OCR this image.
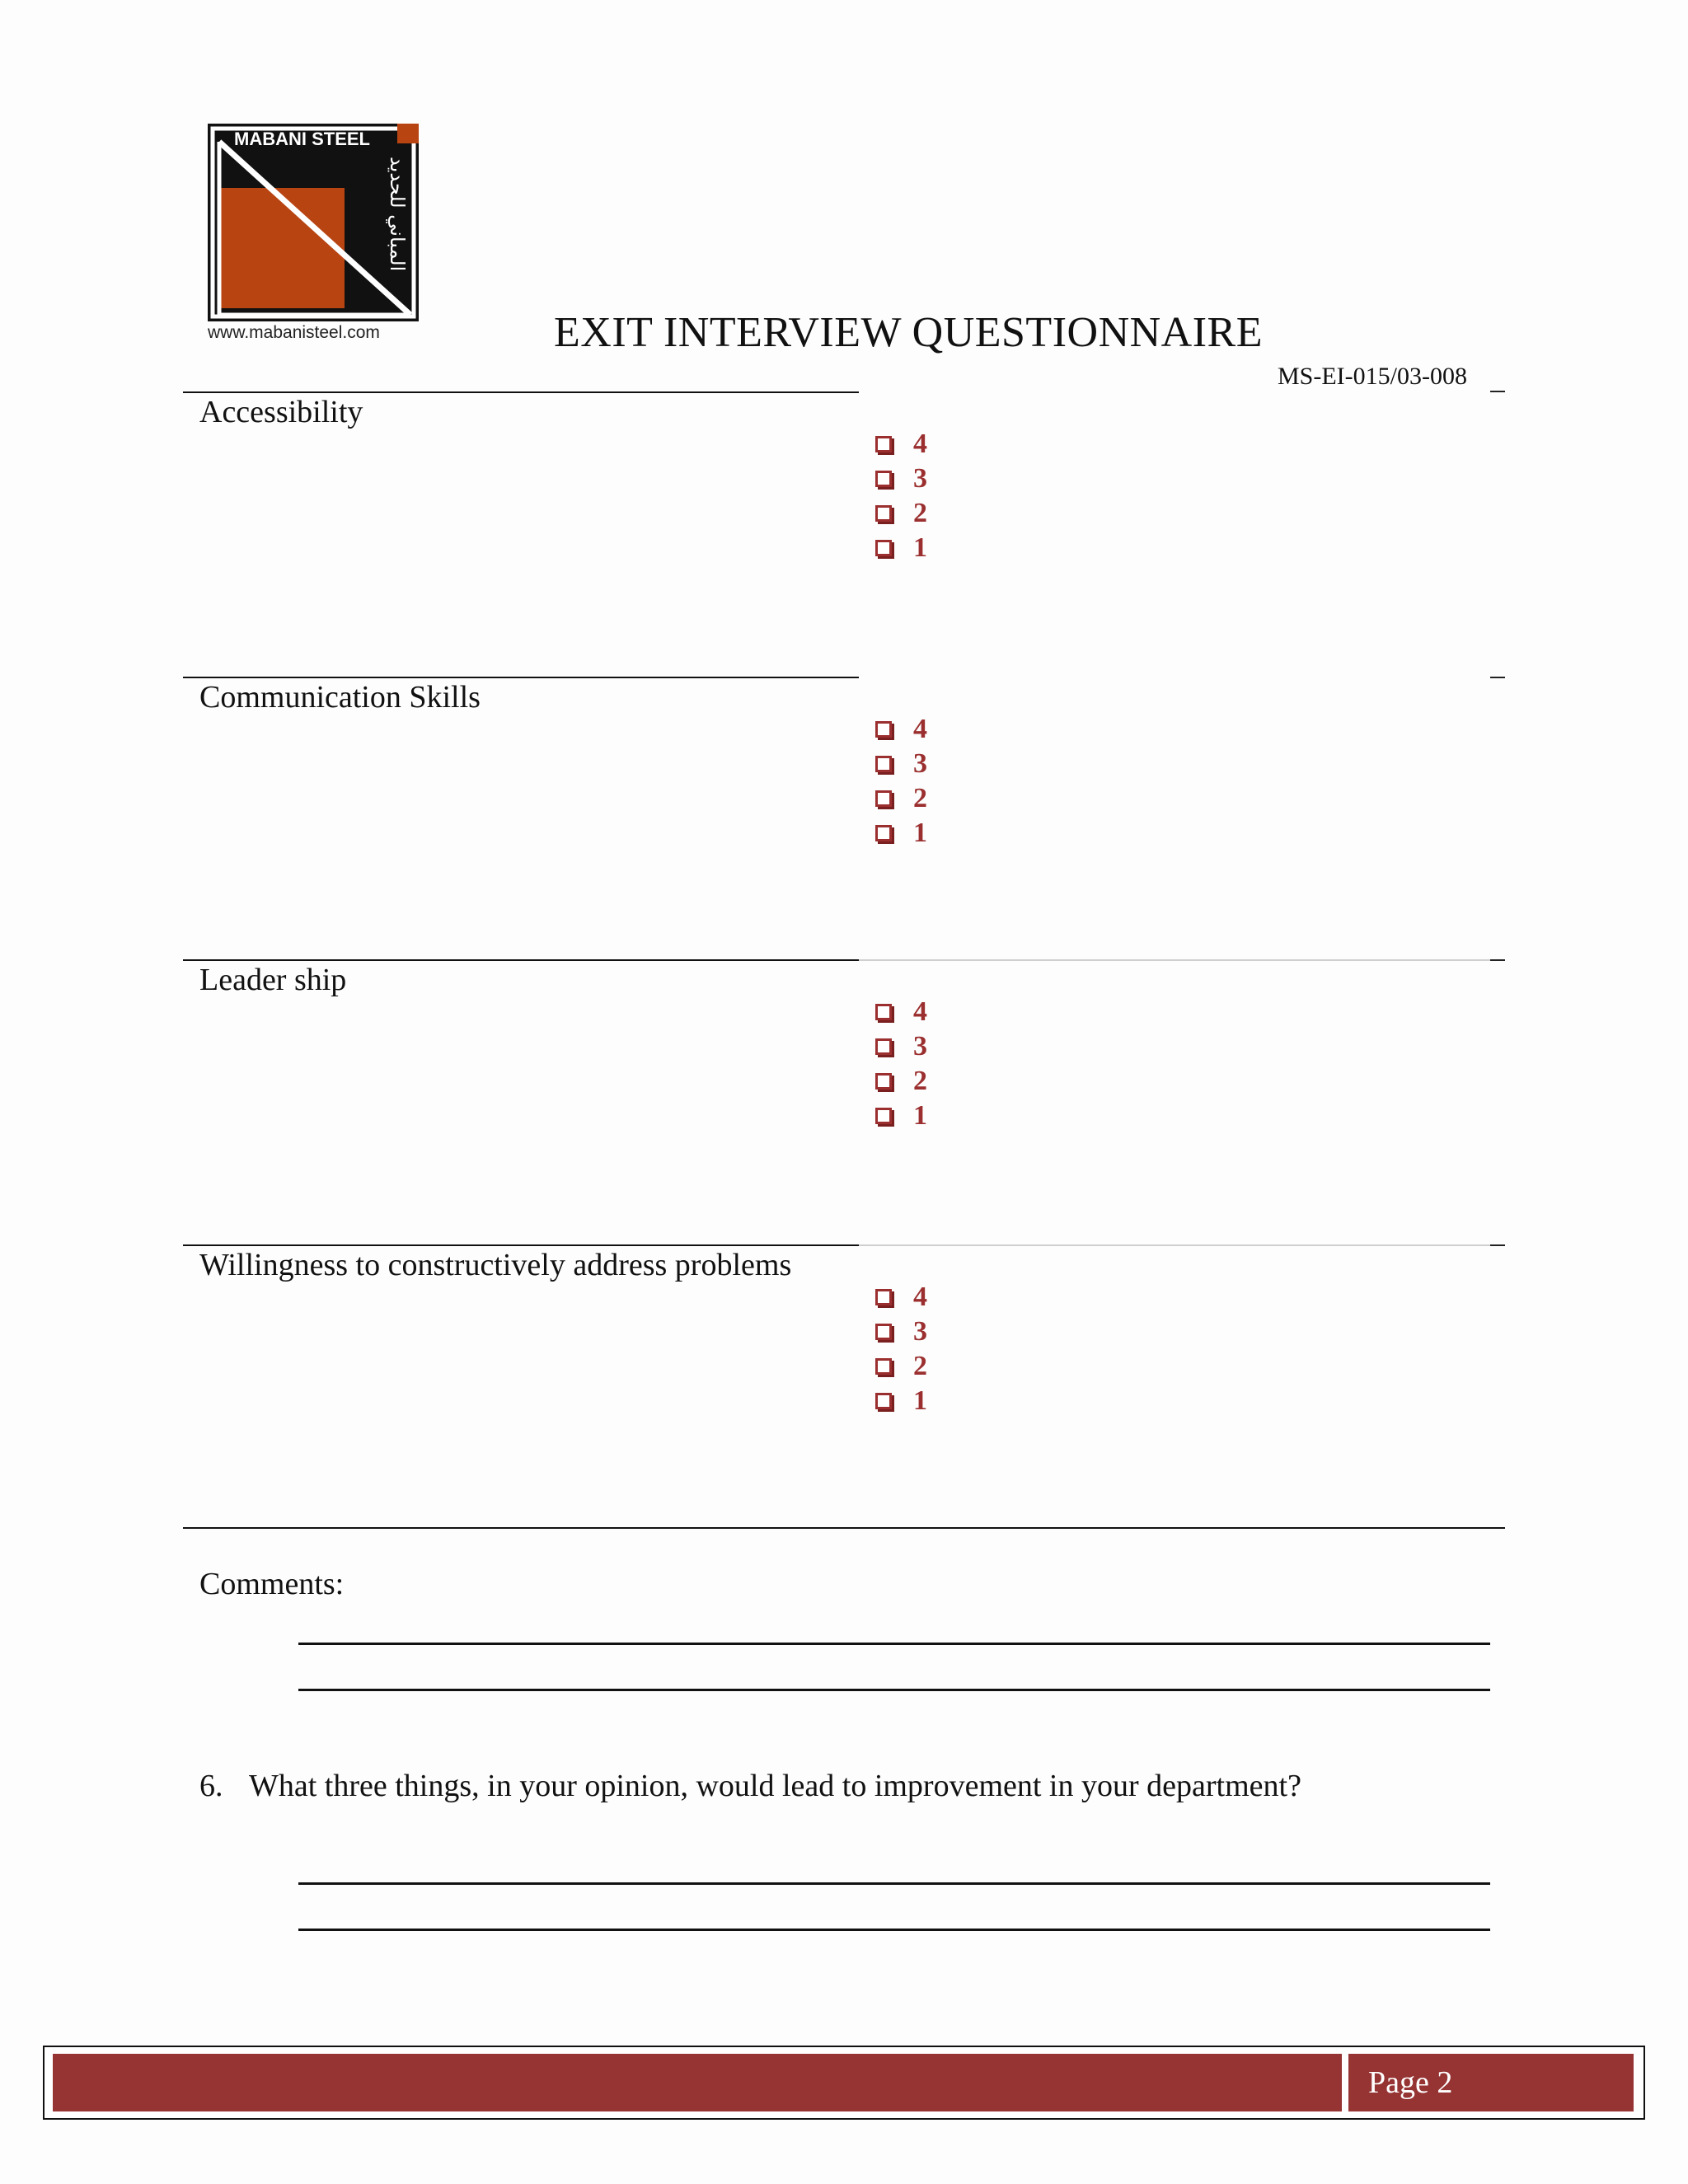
المباني للحديد
MABANI STEEL
www.mabanisteel.com	EXIT INTERVIEW QUESTIONNAIRE
MS-EI-015/03-008
Accessibility
4
3
2
1
Communication Skills
4
3
2
1
Leader ship
4
3
2
1
Willingness to constructively address problems
4
3
2
1
Comments:
6. What three things, in your opinion, would lead to improvement in your department?
Page 2
